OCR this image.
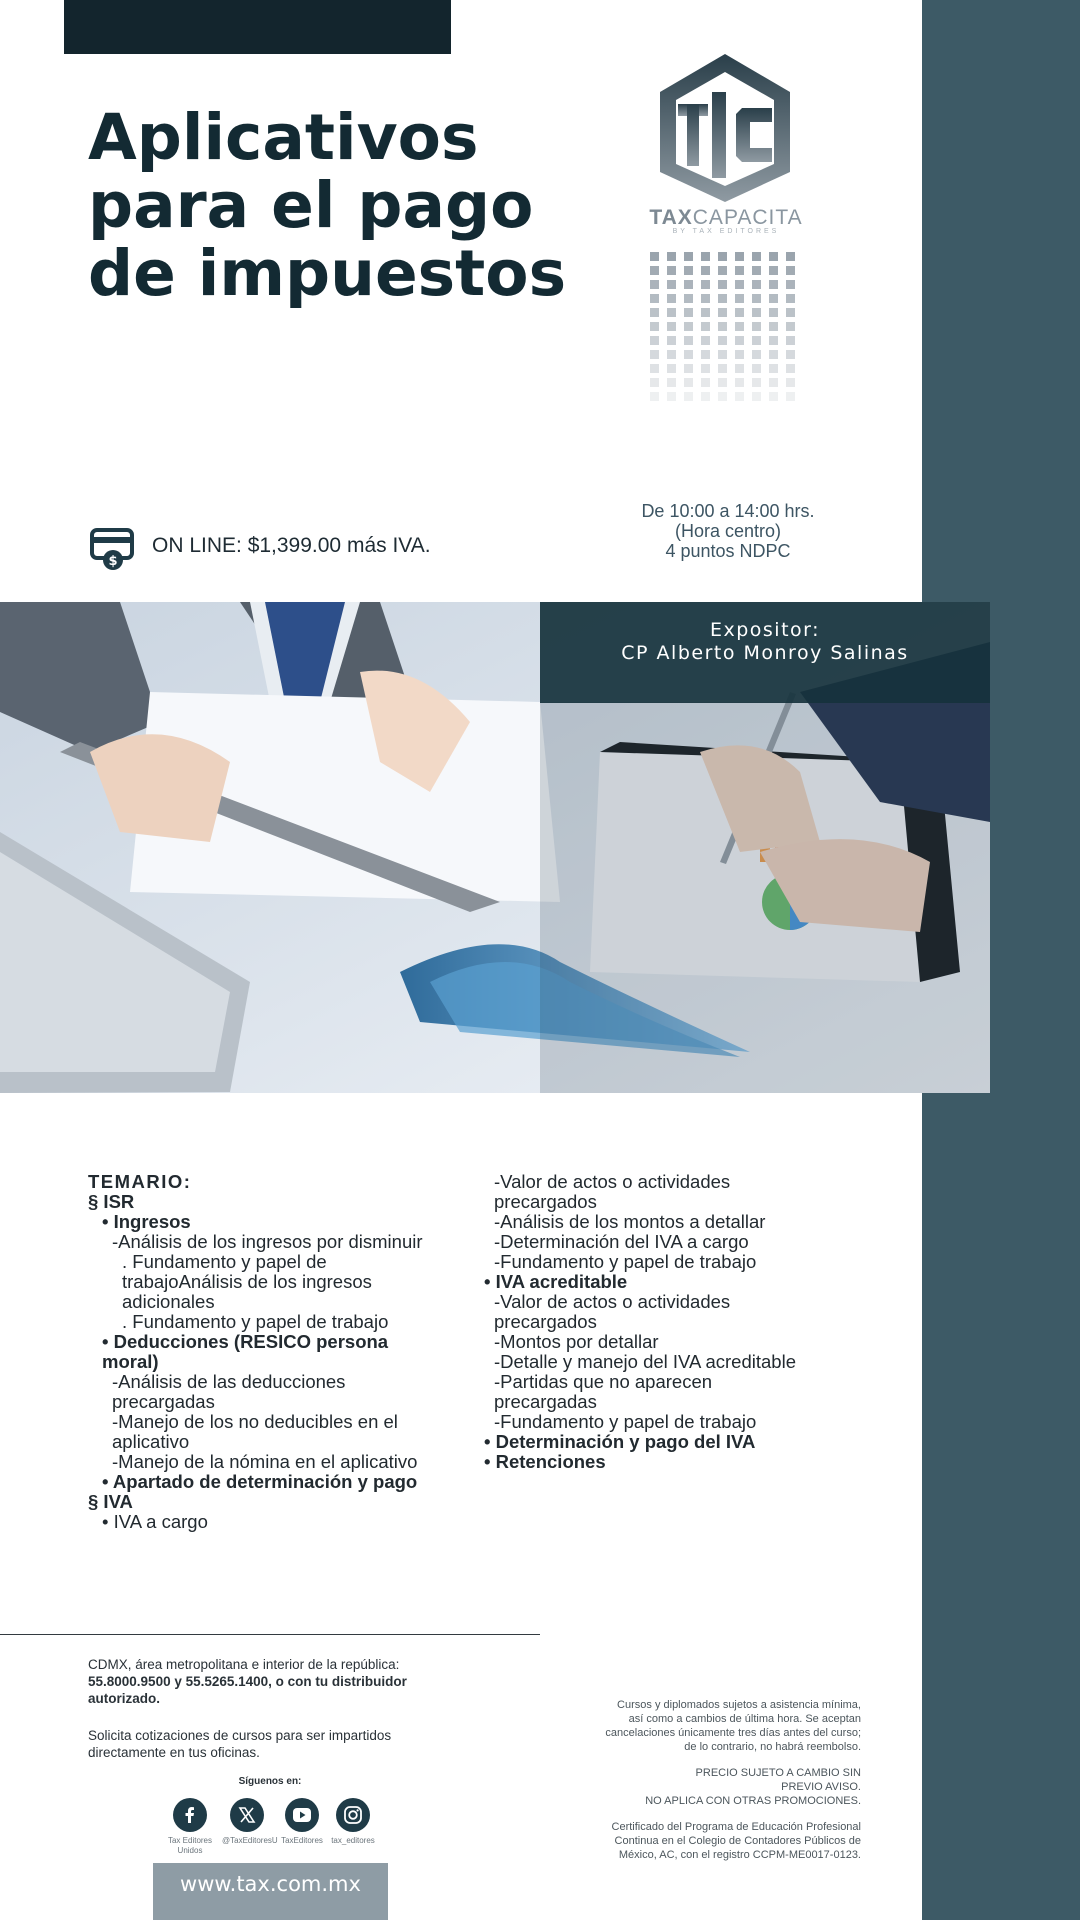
Aplicativos
para el pago
de impuestos
TAXCAPACITA
BY TAX EDITORES
$
ON LINE: $1,399.00 más IVA.
De 10:00 a 14:00 hrs.
(Hora centro)
4 puntos NDPC
Expositor:
CP Alberto Monroy Salinas
TEMARIO:
§ ISR
• Ingresos
-Análisis de los ingresos por disminuir
. Fundamento y papel de
trabajoAnálisis de los ingresos
adicionales
. Fundamento y papel de trabajo
• Deducciones (RESICO persona
moral)
-Análisis de las deducciones
precargadas
-Manejo de los no deducibles en el
aplicativo
-Manejo de la nómina en el aplicativo
• Apartado de determinación y pago
§ IVA
• IVA a cargo
-Valor de actos o actividades
precargados
-Análisis de los montos a detallar
-Determinación del IVA a cargo
-Fundamento y papel de trabajo
• IVA acreditable
-Valor de actos o actividades
precargados
-Montos por detallar
-Detalle y manejo del IVA acreditable
-Partidas que no aparecen
precargadas
-Fundamento y papel de trabajo
• Determinación y pago del IVA
• Retenciones
CDMX, área metropolitana e interior de la república:
55.8000.9500 y 55.5265.1400, o con tu distribuidor
autorizado.
Solicita cotizaciones de cursos para ser impartidos
directamente en tus oficinas.
Síguenos en:
Tax Editores
Unidos
@TaxEditoresU TaxEditores	tax_editores
www.tax.com.mx
Cursos y diplomados sujetos a asistencia mínima,
así como a cambios de última hora. Se aceptan
cancelaciones únicamente tres días antes del curso;
de lo contrario, no habrá reembolso.
PRECIO SUJETO A CAMBIO SIN
PREVIO AVISO.
NO APLICA CON OTRAS PROMOCIONES.
Certificado del Programa de Educación Profesional
Continua en el Colegio de Contadores Públicos de
México, AC, con el registro CCPM-ME0017-0123.
